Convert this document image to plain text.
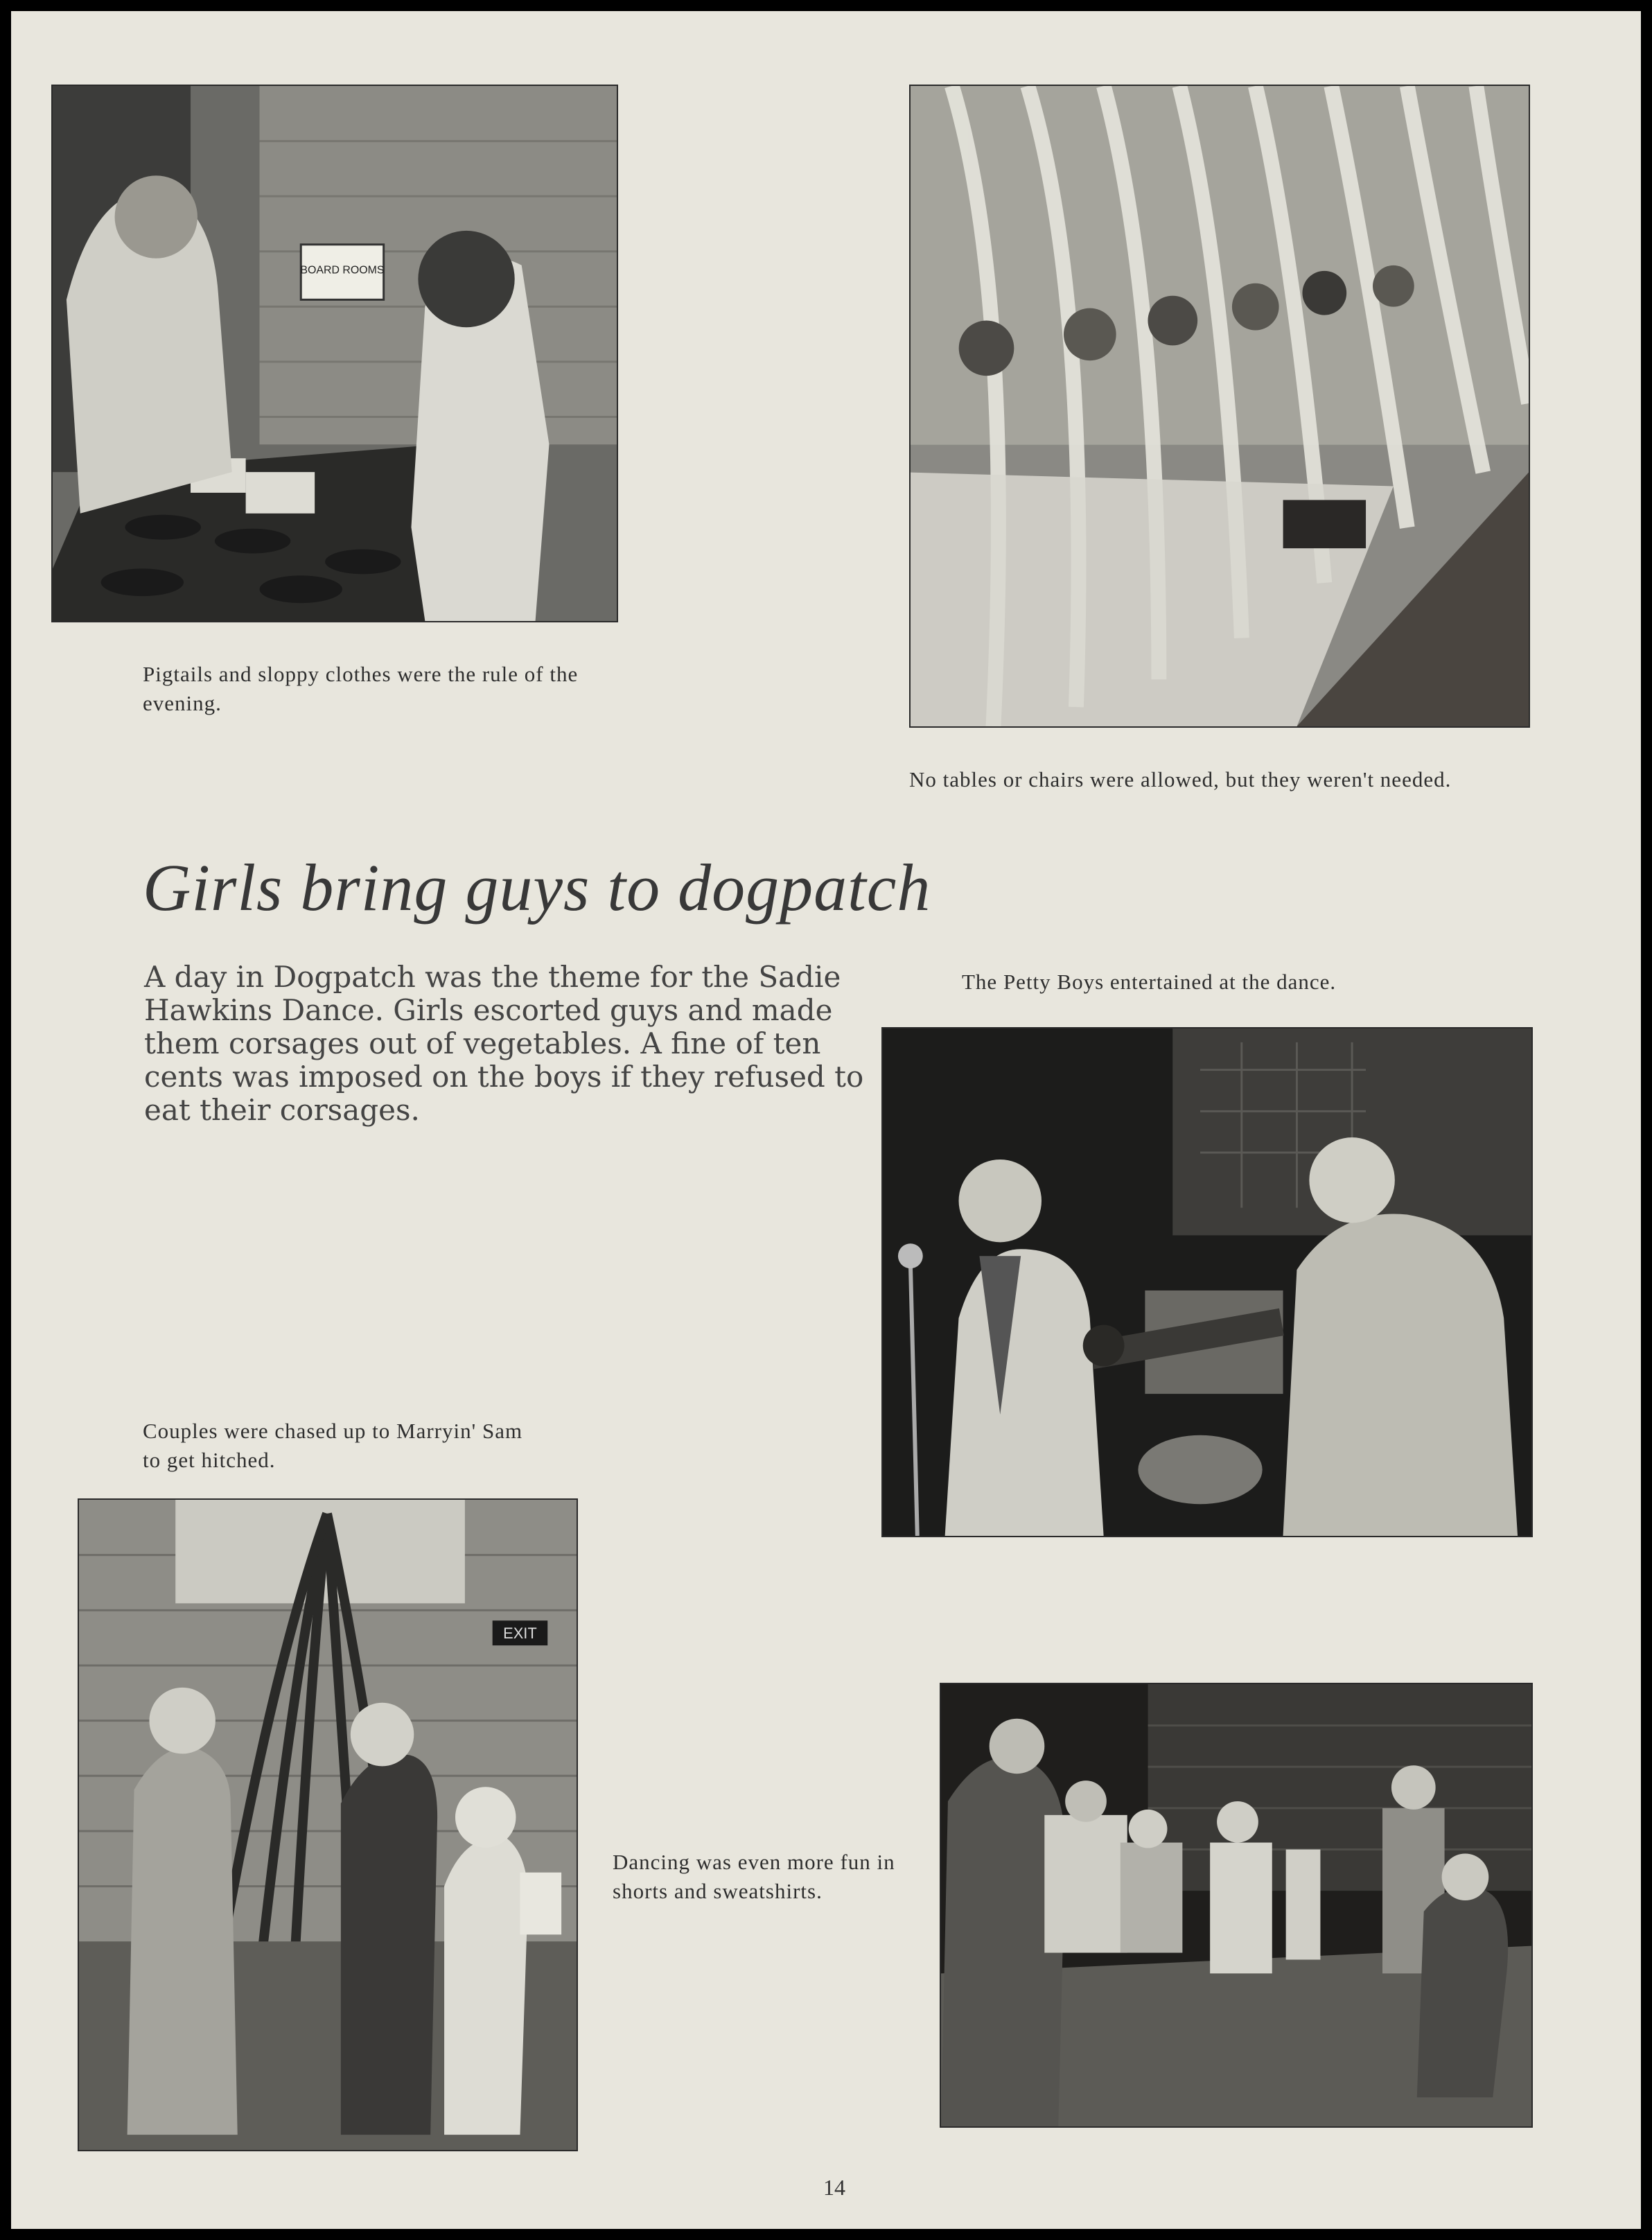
BOARD ROOMS
Pigtails and sloppy clothes were the rule of the evening.
No tables or chairs were allowed, but they weren't needed.
Girls bring guys to dogpatch
A day in Dogpatch was the theme for the Sadie Hawkins Dance. Girls escorted guys and made them corsages out of vegetables. A fine of ten cents was imposed on the boys if they refused to eat their corsages.
The Petty Boys entertained at the dance.
Couples were chased up to Marryin' Sam to get hitched.
EXIT
Dancing was even more fun in shorts and sweatshirts.
14
